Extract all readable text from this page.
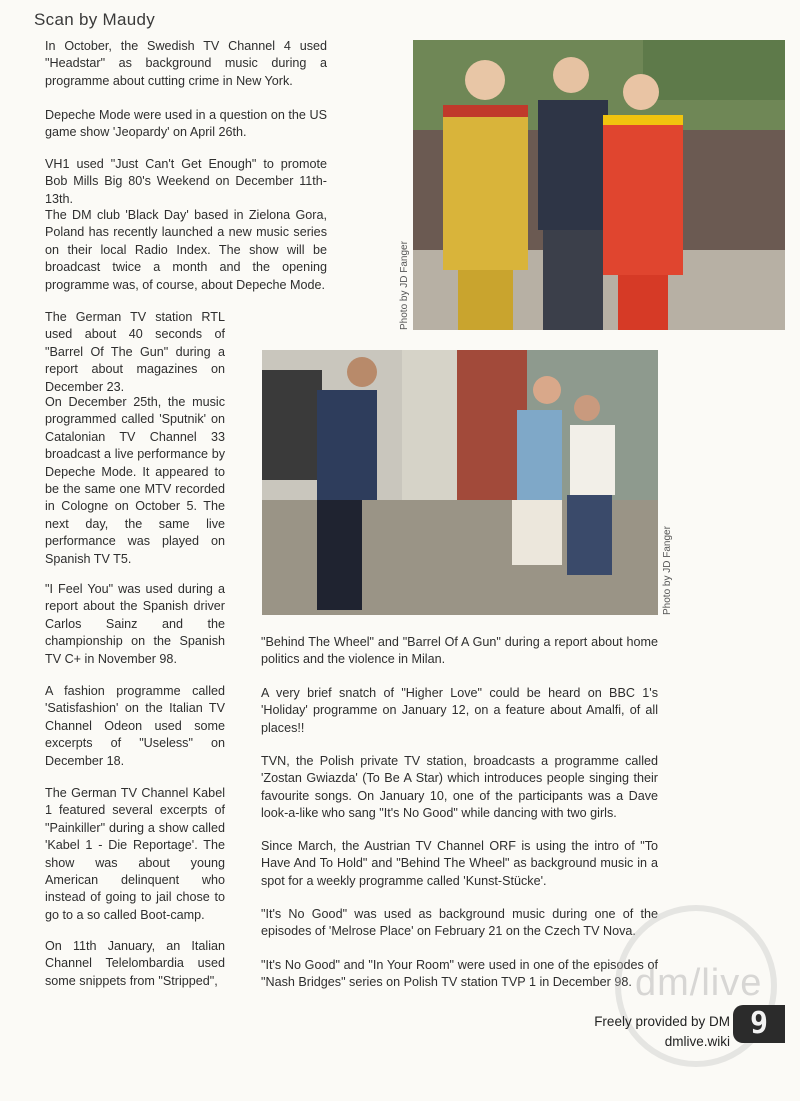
Scan by Maudy

In October, the Swedish TV Channel 4 used "Headstar" as background music during a programme about cutting crime in New York.

Depeche Mode were used in a question on the US game show 'Jeopardy' on April 26th.

VH1 used "Just Can't Get Enough" to promote Bob Mills Big 80's Weekend on December 11th-13th.

The DM club 'Black Day' based in Zielona Gora, Poland has recently launched a new music series on their local Radio Index. The show will be broadcast twice a month and the opening programme was, of course, about Depeche Mode.

The German TV station RTL used about 40 seconds of "Barrel Of The Gun" during a report about magazines on December 23.

On December 25th, the music programmed called 'Sputnik' on Catalonian TV Channel 33 broadcast a live performance by Depeche Mode. It appeared to be the same one MTV recorded in Cologne on October 5. The next day, the same live performance was played on Spanish TV T5.

"I Feel You" was used during a report about the Spanish driver Carlos Sainz and the championship on the Spanish TV C+ in November 98.

A fashion programme called 'Satisfashion' on the Italian TV Channel Odeon used some excerpts of "Useless" on December 18.

The German TV Channel Kabel 1 featured several excerpts of "Painkiller" during a show called 'Kabel 1 - Die Reportage'. The show was about young American delinquent who instead of going to jail chose to go to a so called Boot-camp.

On 11th January, an Italian Channel Telelombardia used some snippets from "Stripped",

"Behind The Wheel" and "Barrel Of A Gun" during a report about home politics and the violence in Milan.

A very brief snatch of "Higher Love" could be heard on BBC 1's 'Holiday' programme on January 12, on a feature about Amalfi, of all places!!

TVN, the Polish private TV station, broadcasts a programme called 'Zostan Gwiazda' (To Be A Star) which introduces people singing their favourite songs. On January 10, one of the participants was a Dave look-a-like who sang "It's No Good" while dancing with two girls.

Since March, the Austrian TV Channel ORF is using the intro of "To Have And To Hold" and "Behind The Wheel" as background music in a spot for a weekly programme called 'Kunst-Stücke'.

"It's No Good" was used as background music during one of the episodes of 'Melrose Place' on February 21 on the Czech TV Nova.

"It's No Good" and "In Your Room" were used in one of the episodes of "Nash Bridges" series on Polish TV station TVP 1 in December 98.

Photo by JD Fanger
Photo by JD Fanger
dm/live
Freely provided by DM
dmlive.wiki
9
